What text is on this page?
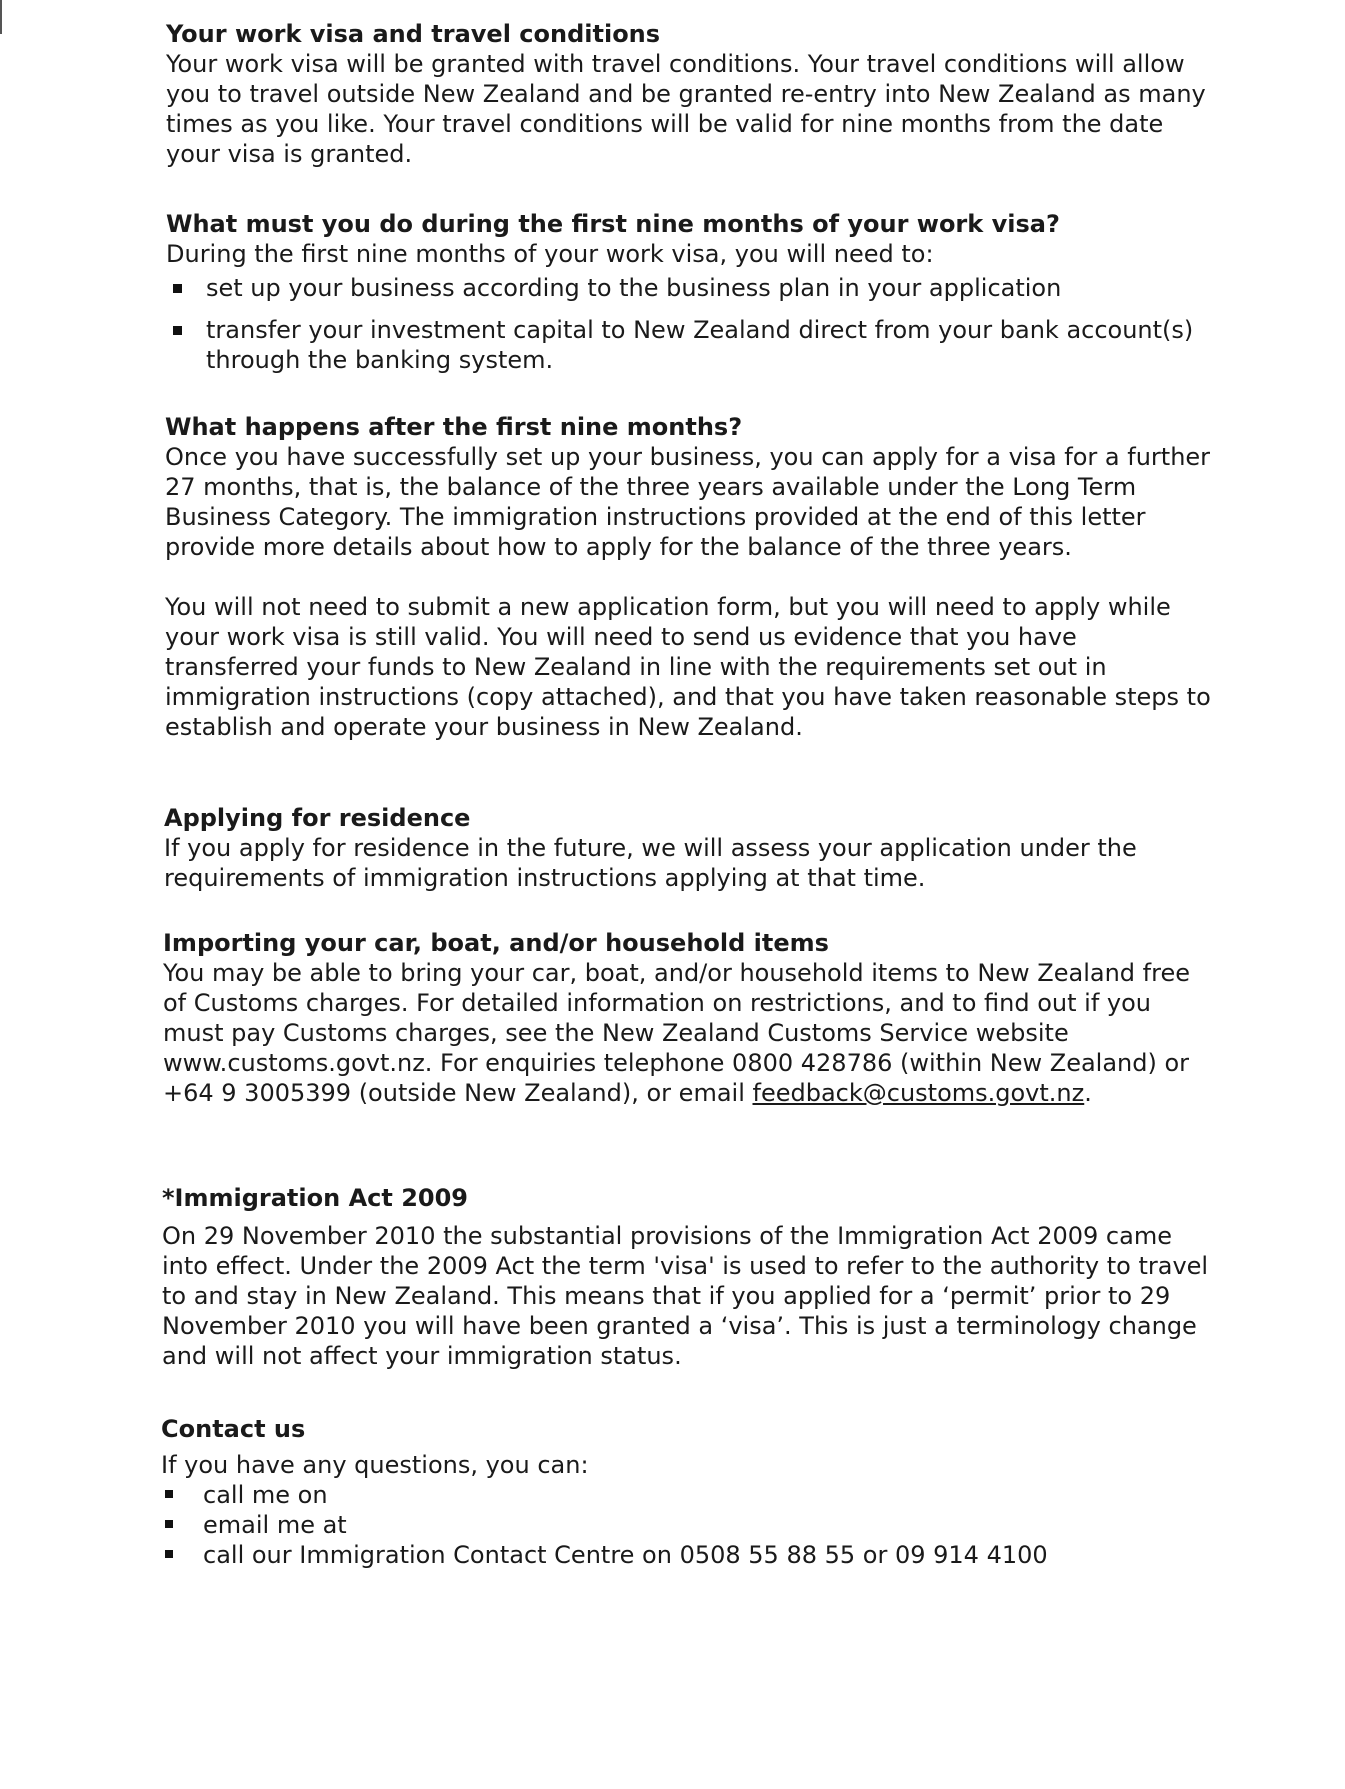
Your work visa and travel conditions

Your work visa will be granted with travel conditions. Your travel conditions will allow you to travel outside New Zealand and be granted re-entry into New Zealand as many times as you like. Your travel conditions will be valid for nine months from the date your visa is granted.

What must you do during the first nine months of your work visa?

During the first nine months of your work visa, you will need to:

set up your business according to the business plan in your application
transfer your investment capital to New Zealand direct from your bank account(s) through the banking system.

What happens after the first nine months?

Once you have successfully set up your business, you can apply for a visa for a further 27 months, that is, the balance of the three years available under the Long Term Business Category. The immigration instructions provided at the end of this letter provide more details about how to apply for the balance of the three years.

You will not need to submit a new application form, but you will need to apply while your work visa is still valid. You will need to send us evidence that you have transferred your funds to New Zealand in line with the requirements set out in immigration instructions (copy attached), and that you have taken reasonable steps to establish and operate your business in New Zealand.

Applying for residence

If you apply for residence in the future, we will assess your application under the requirements of immigration instructions applying at that time.

Importing your car, boat, and/or household items

You may be able to bring your car, boat, and/or household items to New Zealand free of Customs charges. For detailed information on restrictions, and to find out if you must pay Customs charges, see the New Zealand Customs Service website www.customs.govt.nz. For enquiries telephone 0800 428786 (within New Zealand) or +64 9 3005399 (outside New Zealand), or email feedback@customs.govt.nz.

*Immigration Act 2009

On 29 November 2010 the substantial provisions of the Immigration Act 2009 came into effect. Under the 2009 Act the term 'visa' is used to refer to the authority to travel to and stay in New Zealand. This means that if you applied for a ‘permit’ prior to 29 November 2010 you will have been granted a ‘visa’. This is just a terminology change and will not affect your immigration status.

Contact us

If you have any questions, you can:

call me on
email me at
call our Immigration Contact Centre on 0508 55 88 55 or 09 914 4100
